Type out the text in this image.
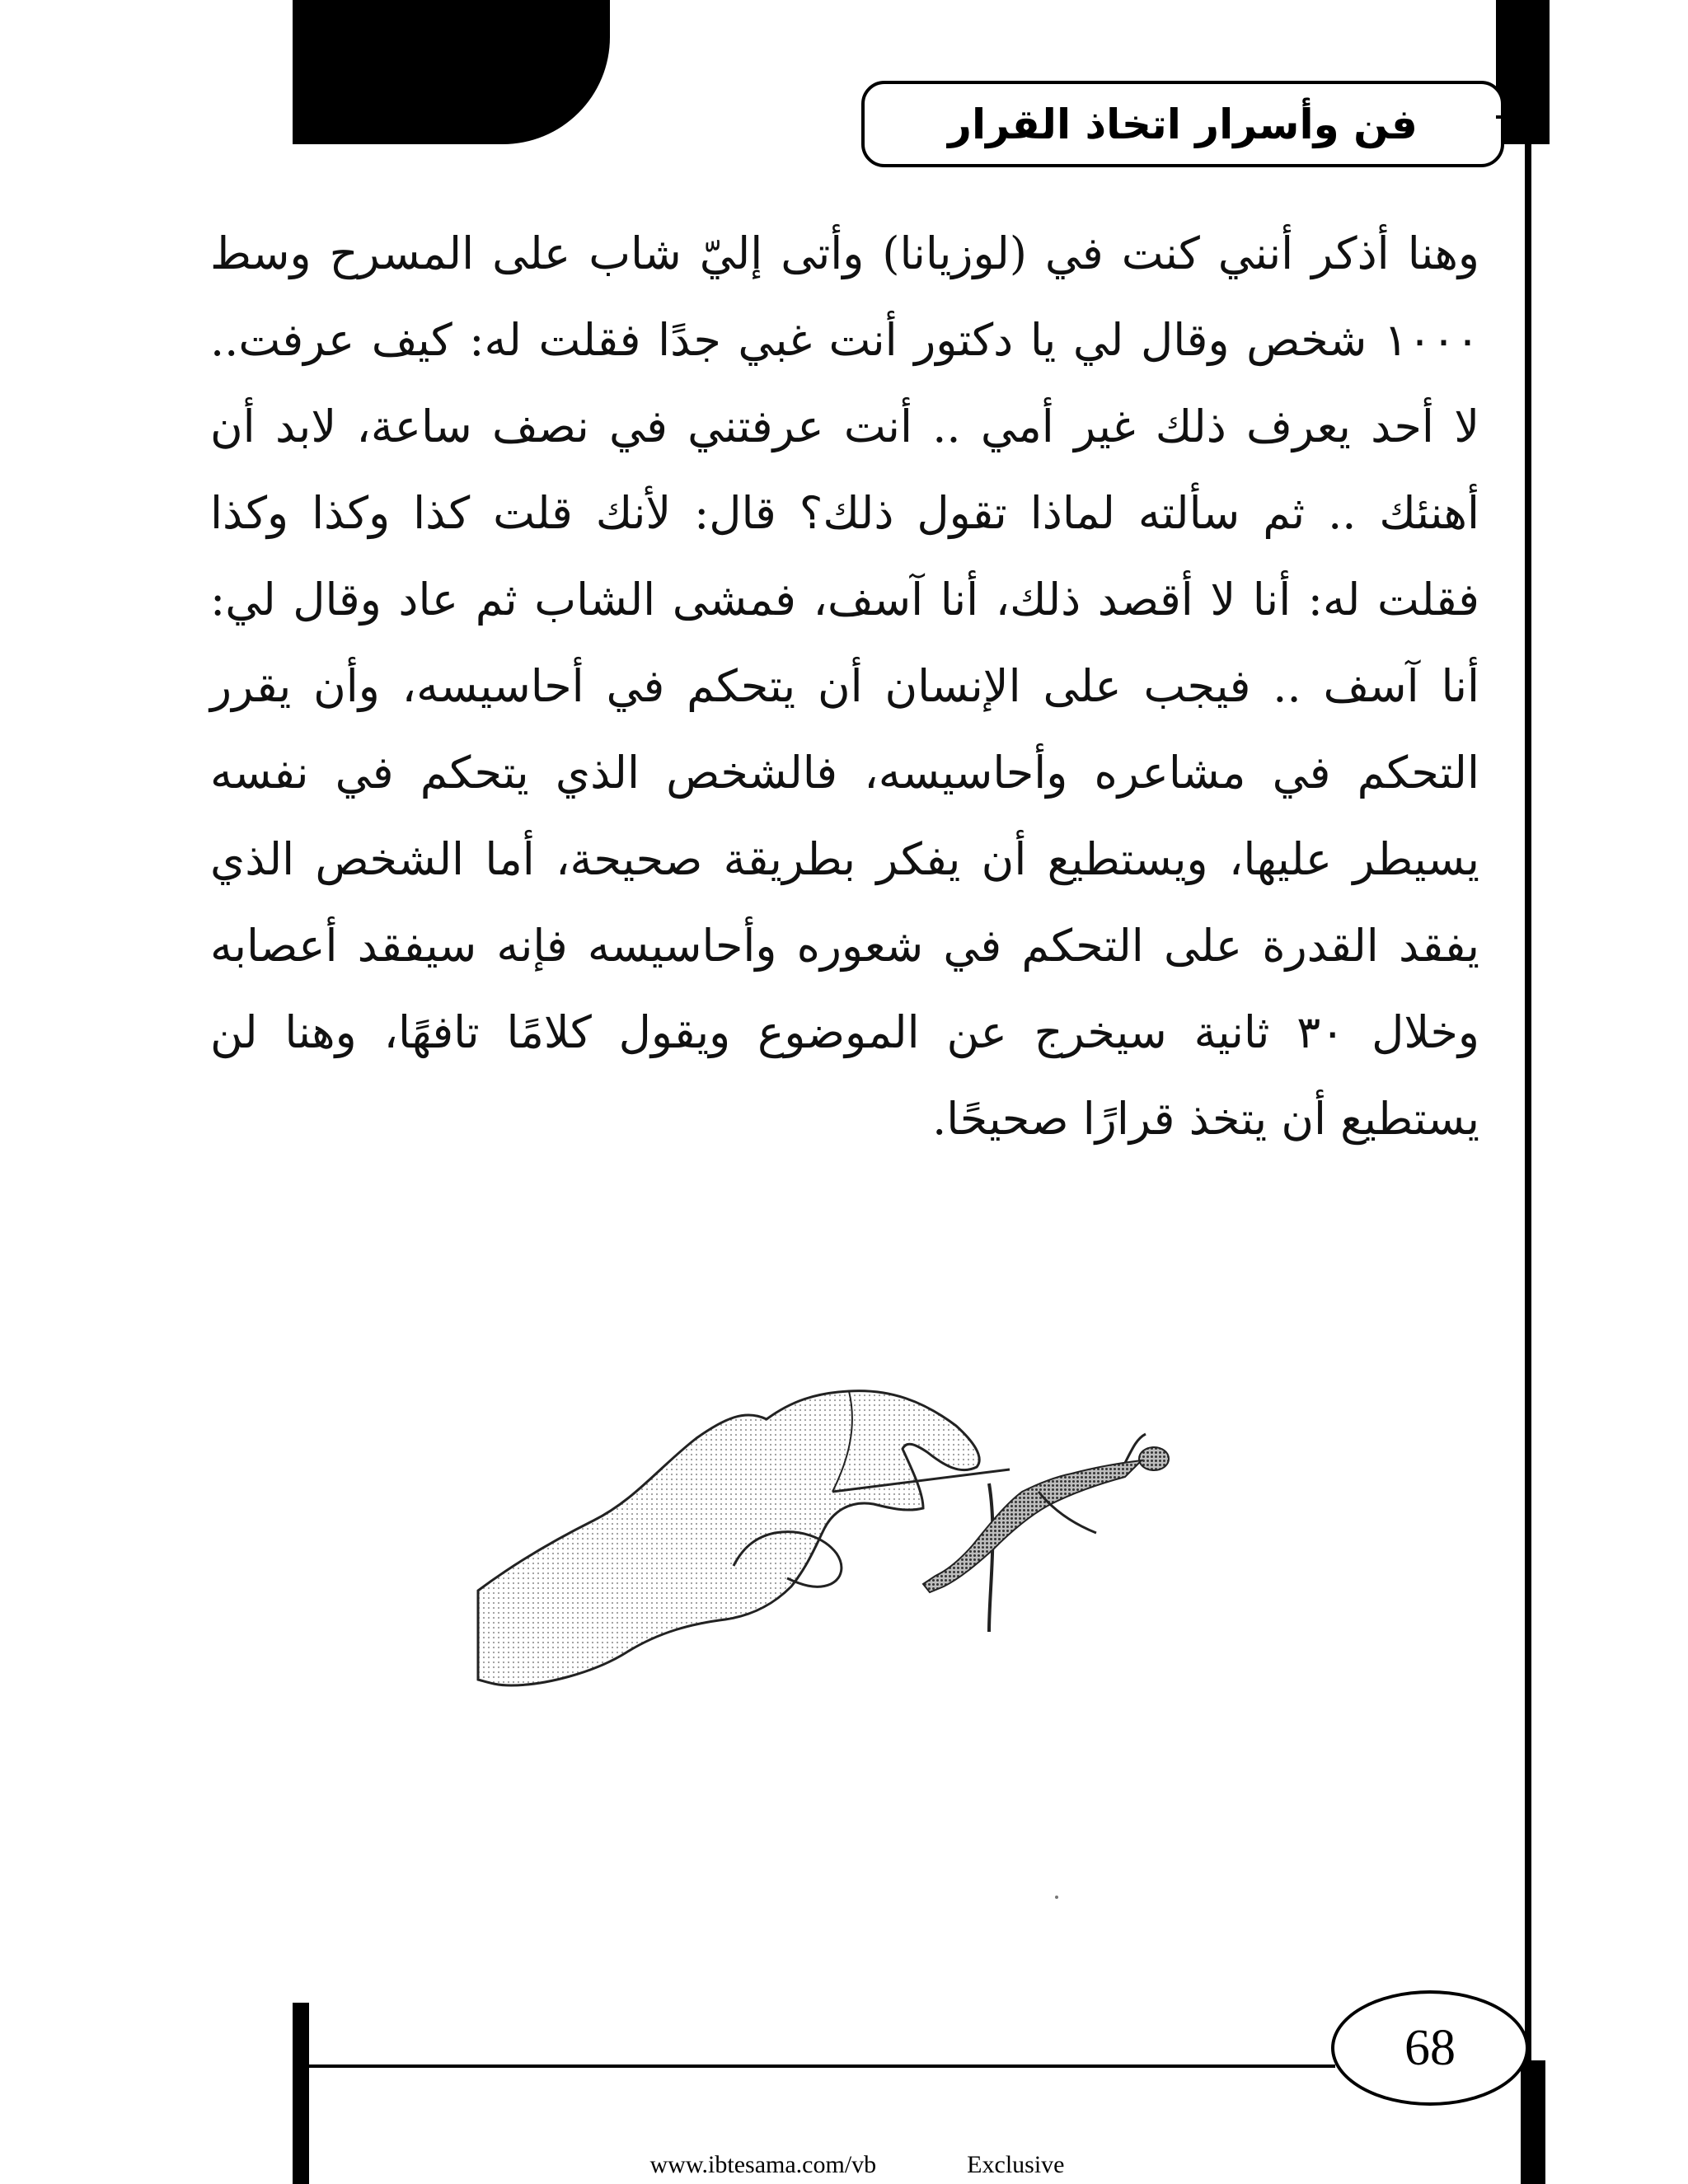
فن وأسرار اتخاذ القرار
وهنا أذكر أنني كنت في (لوزيانا) وأتى إليّ شاب على المسرح وسط ١٠٠٠ شخص وقال لي يا دكتور أنت غبي جدًا فقلت له: كيف عرفت.. لا أحد يعرف ذلك غير أمي .. أنت عرفتني في نصف ساعة، لابد أن أهنئك .. ثم سألته لماذا تقول ذلك؟ قال: لأنك قلت كذا وكذا وكذا فقلت له: أنا لا أقصد ذلك، أنا آسف، فمشى الشاب ثم عاد وقال لي: أنا آسف .. فيجب على الإنسان أن يتحكم في أحاسيسه، وأن يقرر التحكم في مشاعره وأحاسيسه، فالشخص الذي يتحكم في نفسه يسيطر عليها، ويستطيع أن يفكر بطريقة صحيحة، أما الشخص الذي يفقد القدرة على التحكم في شعوره وأحاسيسه فإنه سيفقد أعصابه وخلال ٣٠ ثانية سيخرج عن الموضوع ويقول كلامًا تافهًا، وهنا لن يستطيع أن يتخذ قرارًا صحيحًا.
68
www.ibtesama.com/vb	Exclusive
